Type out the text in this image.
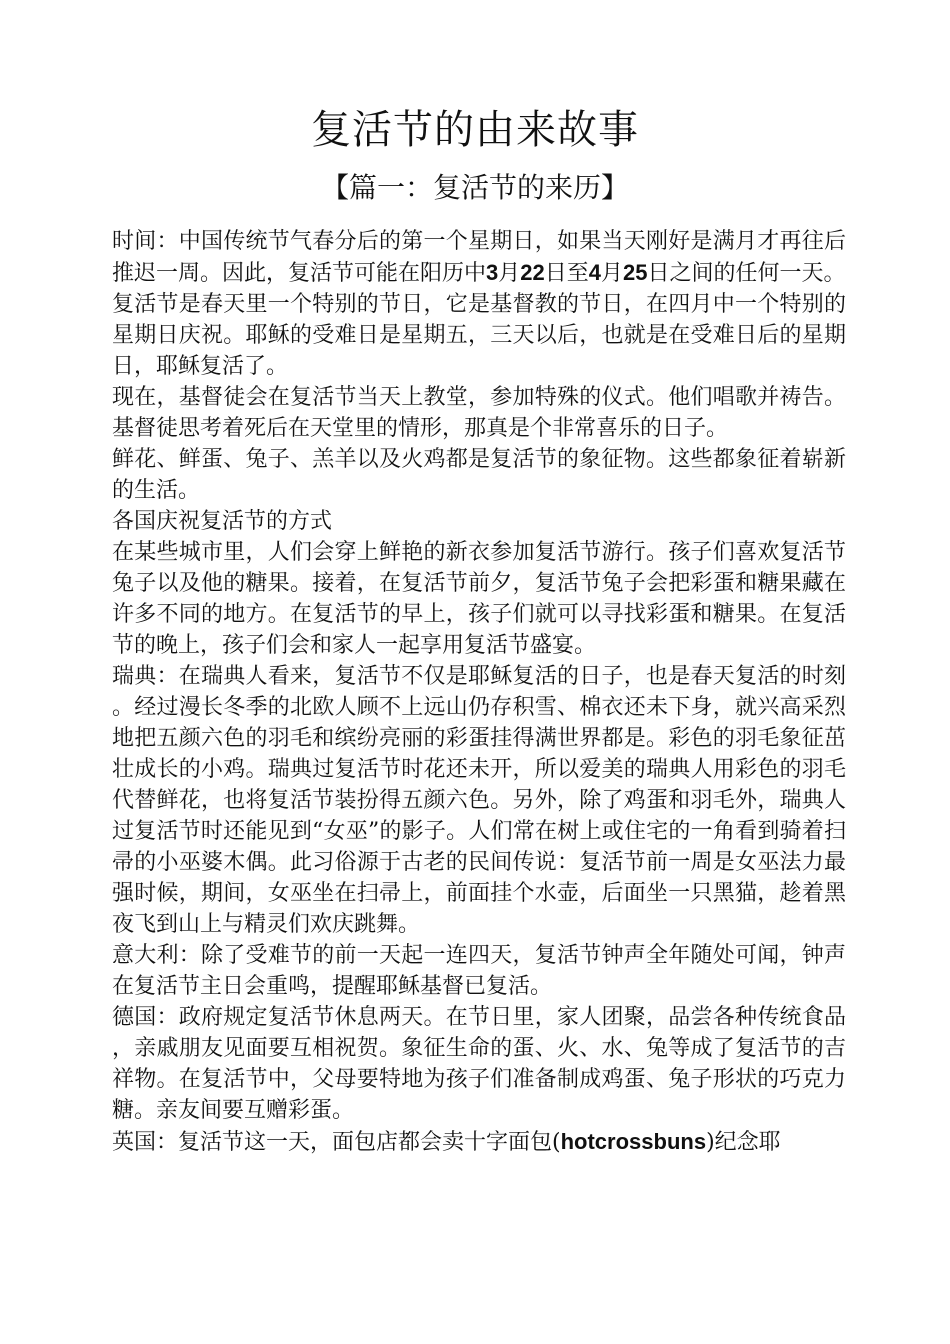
复活节的由来故事
【篇一：复活节的来历】

时间：中国传统节气春分后的第一个星期日，如果当天刚好是满月才再往后推迟一周。因此，复活节可能在阳历中3月22日至4月25日之间的任何一天。

复活节是春天里一个特别的节日，它是基督教的节日，在四月中一个特别的星期日庆祝。耶稣的受难日是星期五，三天以后，也就是在受难日后的星期日，耶稣复活了。

现在，基督徒会在复活节当天上教堂，参加特殊的仪式。他们唱歌并祷告。基督徒思考着死后在天堂里的情形，那真是个非常喜乐的日子。

鲜花、鲜蛋、兔子、羔羊以及火鸡都是复活节的象征物。这些都象征着崭新的生活。

各国庆祝复活节的方式

在某些城市里，人们会穿上鲜艳的新衣参加复活节游行。孩子们喜欢复活节兔子以及他的糖果。接着，在复活节前夕，复活节兔子会把彩蛋和糖果藏在许多不同的地方。在复活节的早上，孩子们就可以寻找彩蛋和糖果。在复活节的晚上，孩子们会和家人一起享用复活节盛宴。

瑞典：在瑞典人看来，复活节不仅是耶稣复活的日子，也是春天复活的时刻。经过漫长冬季的北欧人顾不上远山仍存积雪、棉衣还未下身，就兴高采烈地把五颜六色的羽毛和缤纷亮丽的彩蛋挂得满世界都是。彩色的羽毛象征茁壮成长的小鸡。瑞典过复活节时花还未开，所以爱美的瑞典人用彩色的羽毛代替鲜花，也将复活节装扮得五颜六色。另外，除了鸡蛋和羽毛外，瑞典人过复活节时还能见到“女巫”的影子。人们常在树上或住宅的一角看到骑着扫帚的小巫婆木偶。此习俗源于古老的民间传说：复活节前一周是女巫法力最强时候，期间，女巫坐在扫帚上，前面挂个水壶，后面坐一只黑猫，趁着黑夜飞到山上与精灵们欢庆跳舞。

意大利：除了受难节的前一天起一连四天，复活节钟声全年随处可闻，钟声在复活节主日会重鸣，提醒耶稣基督已复活。

德国：政府规定复活节休息两天。在节日里，家人团聚，品尝各种传统食品，亲戚朋友见面要互相祝贺。象征生命的蛋、火、水、兔等成了复活节的吉祥物。在复活节中，父母要特地为孩子们准备制成鸡蛋、兔子形状的巧克力糖。亲友间要互赠彩蛋。

英国：复活节这一天，面包店都会卖十字面包(hotcrossbuns)纪念耶
